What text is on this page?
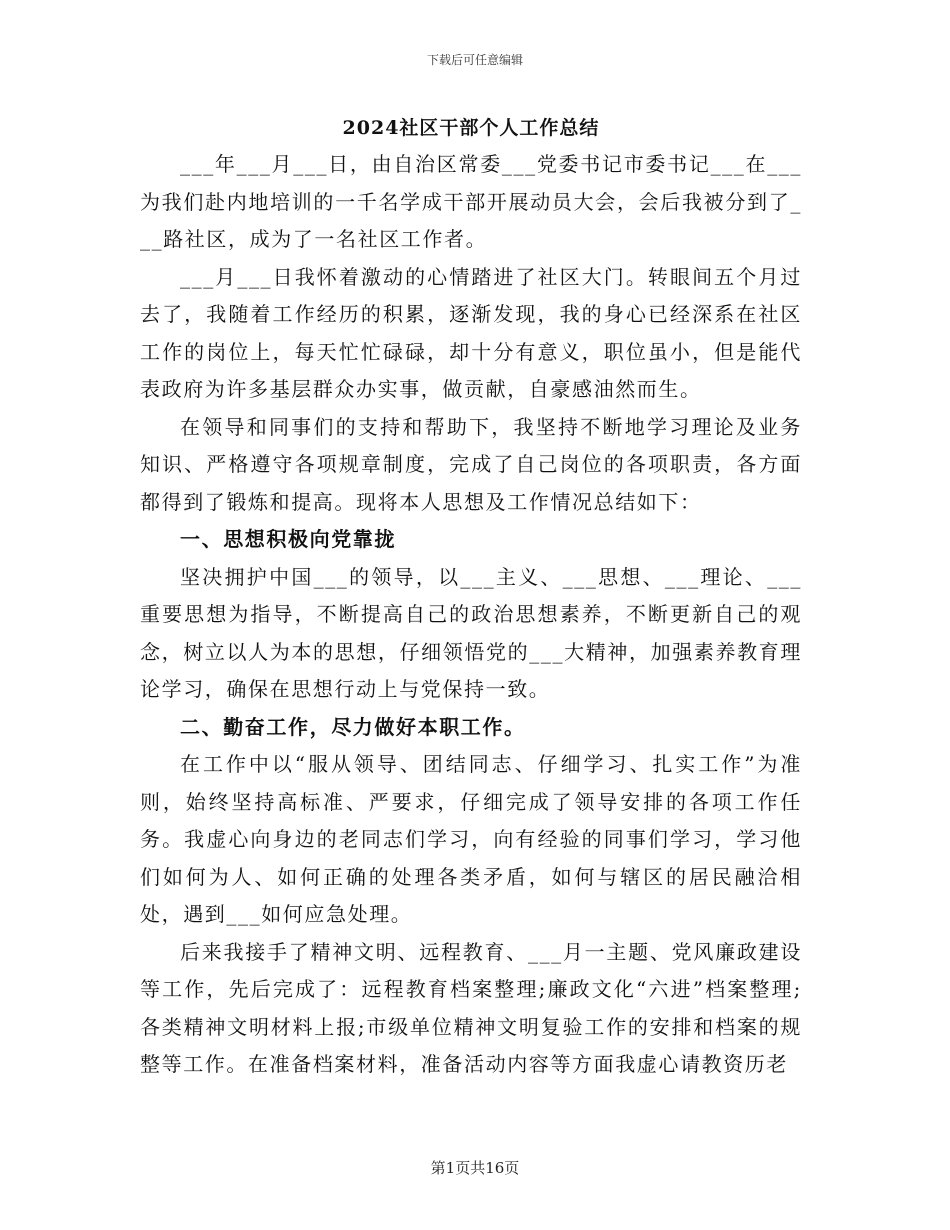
下载后可任意编辑
2024社区干部个人工作总结

___年___月___日，由自治区常委___党委书记市委书记___在___为我们赴内地培训的一千名学成干部开展动员大会，会后我被分到了___路社区，成为了一名社区工作者。

___月___日我怀着激动的心情踏进了社区大门。转眼间五个月过去了，我随着工作经历的积累，逐渐发现，我的身心已经深系在社区工作的岗位上，每天忙忙碌碌，却十分有意义，职位虽小，但是能代表政府为许多基层群众办实事，做贡献，自豪感油然而生。

在领导和同事们的支持和帮助下，我坚持不断地学习理论及业务知识、严格遵守各项规章制度，完成了自己岗位的各项职责，各方面都得到了锻炼和提高。现将本人思想及工作情况总结如下：

一、思想积极向党靠拢

坚决拥护中国___的领导，以___主义、___思想、___理论、___重要思想为指导，不断提高自己的政治思想素养，不断更新自己的观念，树立以人为本的思想，仔细领悟党的___大精神，加强素养教育理论学习，确保在思想行动上与党保持一致。

二、勤奋工作，尽力做好本职工作。

在工作中以“服从领导、团结同志、仔细学习、扎实工作”为准则，始终坚持高标准、严要求，仔细完成了领导安排的各项工作任务。我虚心向身边的老同志们学习，向有经验的同事们学习，学习他们如何为人、如何正确的处理各类矛盾，如何与辖区的居民融洽相处，遇到___如何应急处理。

后来我接手了精神文明、远程教育、___月一主题、党风廉政建设等工作，先后完成了：远程教育档案整理;廉政文化“六进”档案整理;各类精神文明材料上报;市级单位精神文明复验工作的安排和档案的规整等工作。在准备档案材料，准备活动内容等方面我虚心请教资历老

第1页共16页
